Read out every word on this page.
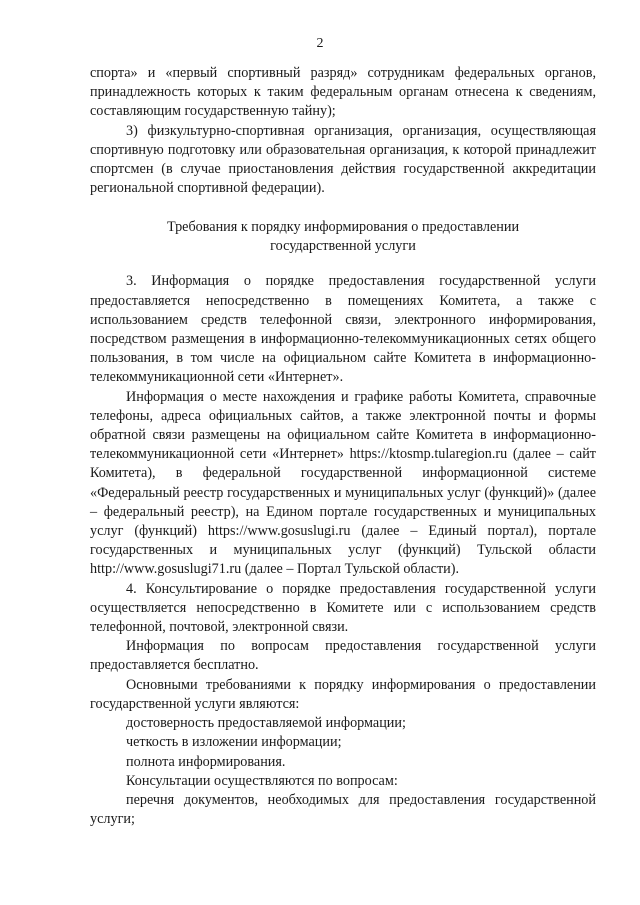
2

спорта» и «первый спортивный разряд» сотрудникам федеральных органов, принадлежность которых к таким федеральным органам отнесена к сведениям, составляющим государственную тайну);

3) физкультурно-спортивная организация, организация, осуществляющая спортивную подготовку или образовательная организация, к которой принадлежит спортсмен (в случае приостановления действия государственной аккредитации региональной спортивной федерации).

Требования к порядку информирования о предоставлении
государственной услуги

3. Информация о порядке предоставления государственной услуги предоставляется непосредственно в помещениях Комитета, а также с использованием средств телефонной связи, электронного информирования, посредством размещения в информационно-телекоммуникационных сетях общего пользования, в том числе на официальном сайте Комитета в информационно-телекоммуникационной сети «Интернет».

Информация о месте нахождения и графике работы Комитета, справочные телефоны, адреса официальных сайтов, а также электронной почты и формы обратной связи размещены на официальном сайте Комитета в информационно-телекоммуникационной сети «Интернет» https://ktosmp.tularegion.ru (далее – сайт Комитета), в федеральной государственной информационной системе «Федеральный реестр государственных и муниципальных услуг (функций)» (далее – федеральный реестр), на Едином портале государственных и муниципальных услуг (функций) https://www.gosuslugi.ru (далее – Единый портал), портале государственных и муниципальных услуг (функций) Тульской области http://www.gosuslugi71.ru (далее – Портал Тульской области).

4. Консультирование о порядке предоставления государственной услуги осуществляется непосредственно в Комитете или с использованием средств телефонной, почтовой, электронной связи.

Информация по вопросам предоставления государственной услуги предоставляется бесплатно.

Основными требованиями к порядку информирования о предоставлении государственной услуги являются:

достоверность предоставляемой информации;

четкость в изложении информации;

полнота информирования.

Консультации осуществляются по вопросам:

перечня документов, необходимых для предоставления государственной услуги;
